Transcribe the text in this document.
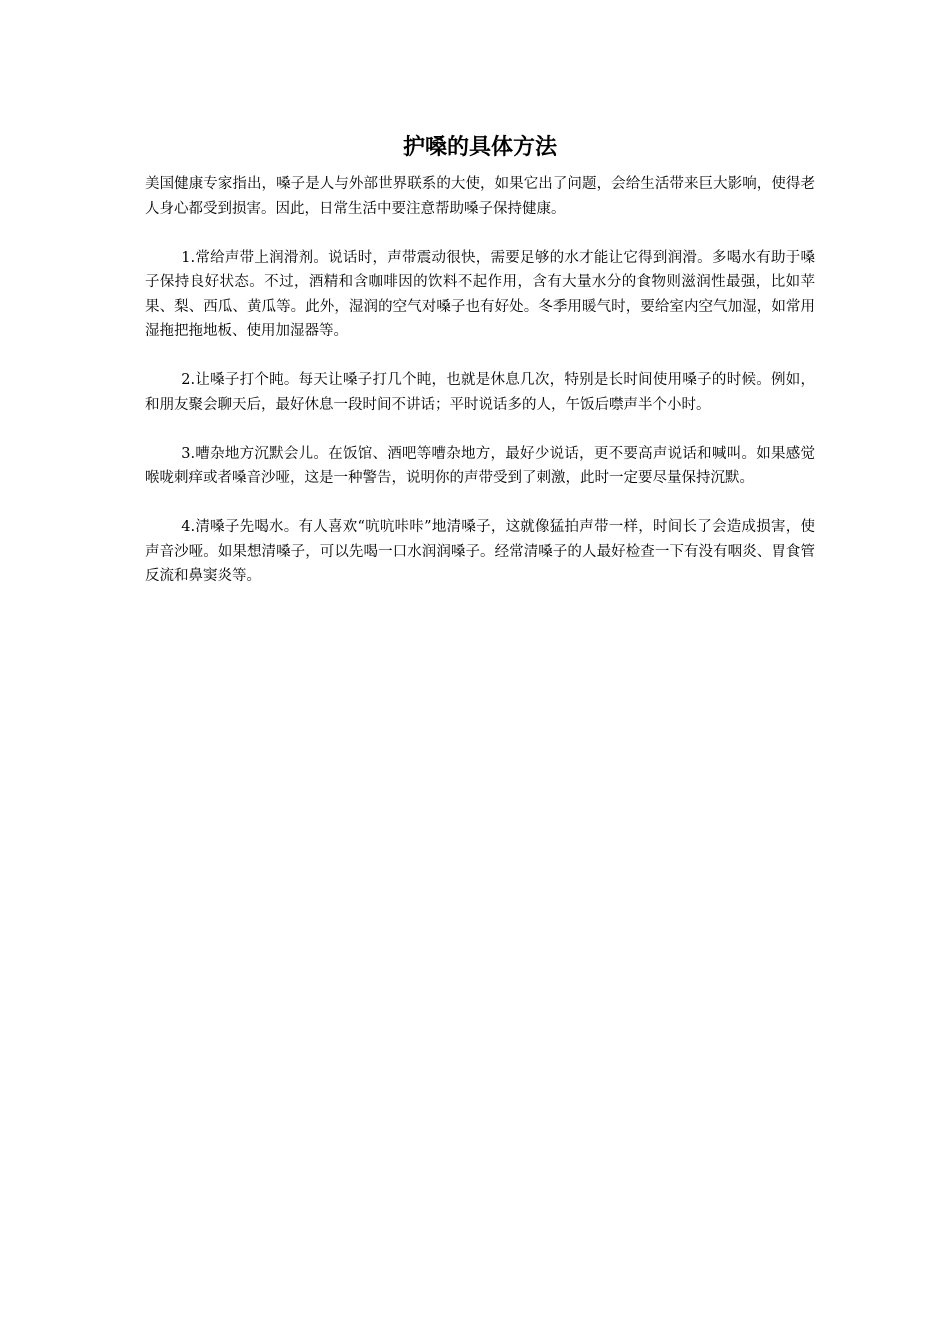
护嗓的具体方法

美国健康专家指出，嗓子是人与外部世界联系的大使，如果它出了问题，会给生活带来巨大影响，使得老人身心都受到损害。因此，日常生活中要注意帮助嗓子保持健康。

1.常给声带上润滑剂。说话时，声带震动很快，需要足够的水才能让它得到润滑。多喝水有助于嗓子保持良好状态。不过，酒精和含咖啡因的饮料不起作用，含有大量水分的食物则滋润性最强，比如苹果、梨、西瓜、黄瓜等。此外，湿润的空气对嗓子也有好处。冬季用暖气时，要给室内空气加湿，如常用湿拖把拖地板、使用加湿器等。

2.让嗓子打个盹。每天让嗓子打几个盹，也就是休息几次，特别是长时间使用嗓子的时候。例如，和朋友聚会聊天后，最好休息一段时间不讲话；平时说话多的人，午饭后噤声半个小时。

3.嘈杂地方沉默会儿。在饭馆、酒吧等嘈杂地方，最好少说话，更不要高声说话和喊叫。如果感觉喉咙刺痒或者嗓音沙哑，这是一种警告，说明你的声带受到了刺激，此时一定要尽量保持沉默。

4.清嗓子先喝水。有人喜欢“吭吭咔咔”地清嗓子，这就像猛拍声带一样，时间长了会造成损害，使声音沙哑。如果想清嗓子，可以先喝一口水润润嗓子。经常清嗓子的人最好检查一下有没有咽炎、胃食管反流和鼻窦炎等。
